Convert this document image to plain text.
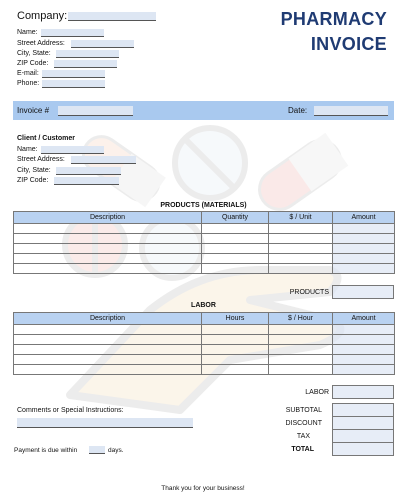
Company:	PHARMACY
INVOICE
Name:
Street Address:
City, State:
ZIP Code:
E-mail:
Phone:
Invoice #	Date:
Client / Customer
Name:
Street Address:
City, State:
ZIP Code:
PRODUCTS (MATERIALS)
Description	Quantity	$ / Unit	Amount

PRODUCTS
LABOR
Description	Hours	$ / Hour	Amount

LABOR
Comments or Special Instructions:	SUBTOTAL
DISCOUNT
TAX
TOTAL
Payment is due within	days.
Thank you for your business!
